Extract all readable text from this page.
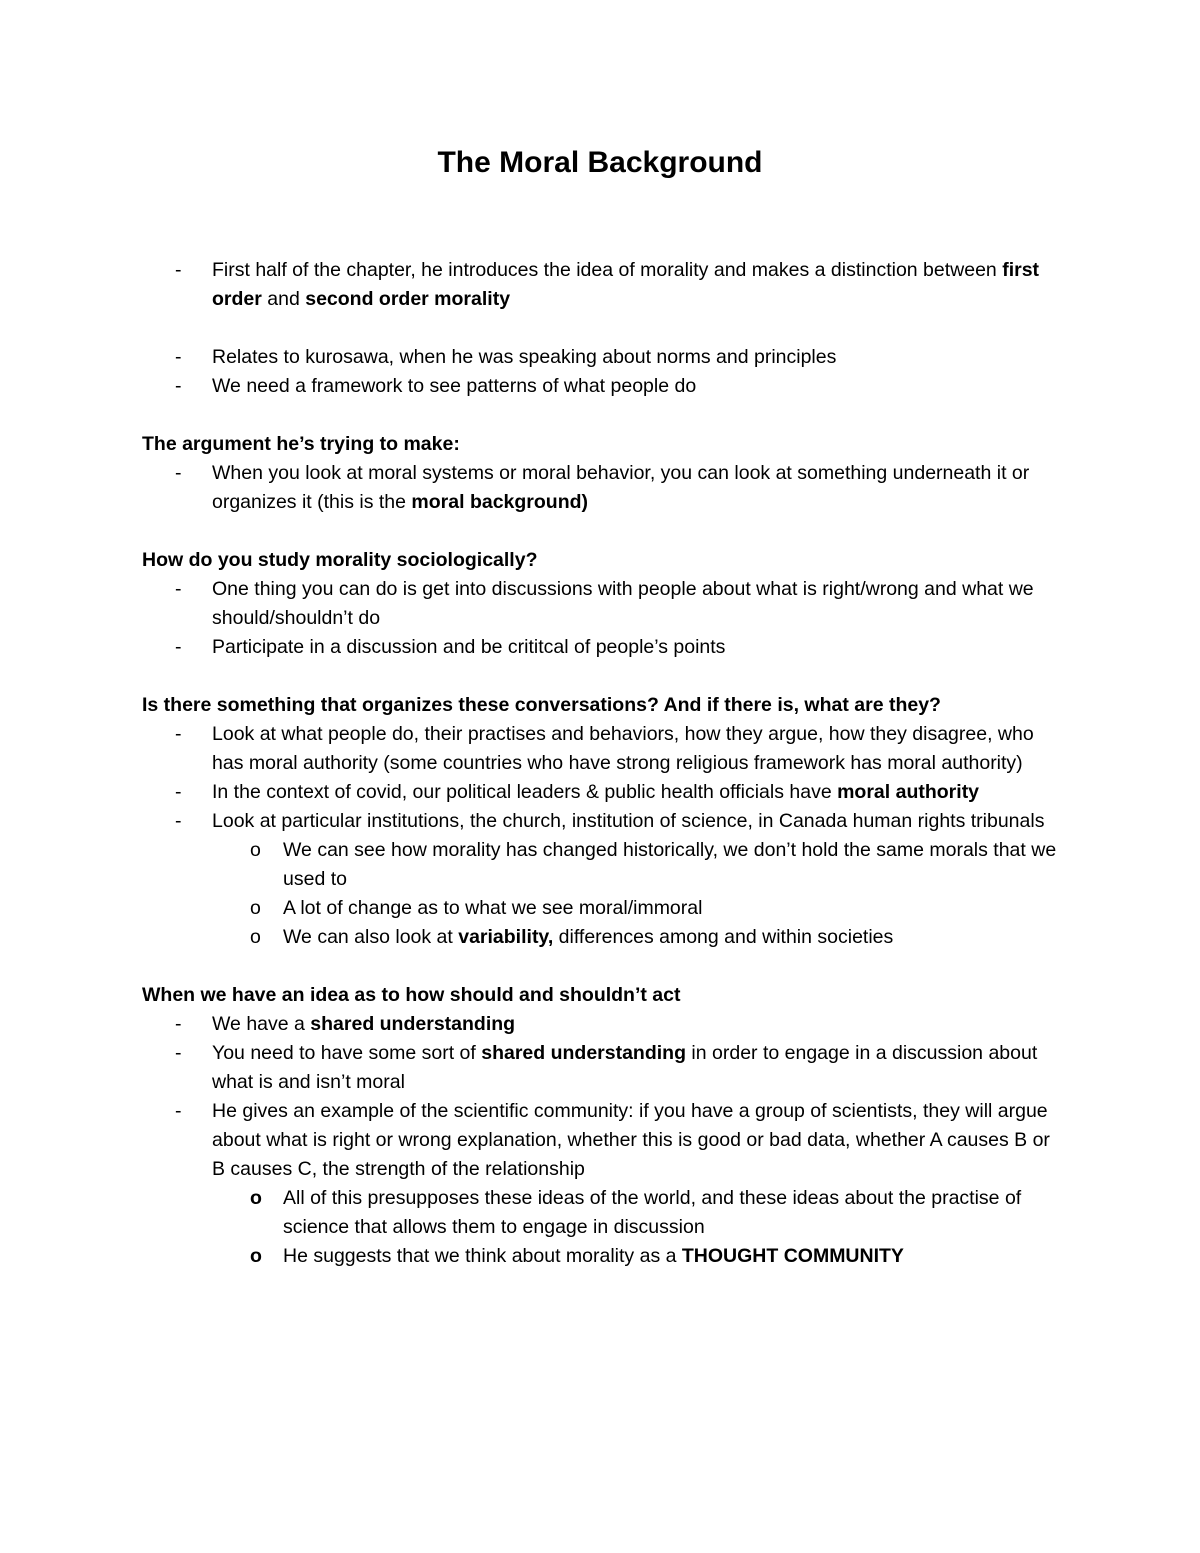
The Moral Background
- First half of the chapter, he introduces the idea of morality and makes a distinction between first order and second order morality
- Relates to kurosawa, when he was speaking about norms and principles
- We need a framework to see patterns of what people do

The argument he’s trying to make:

- When you look at moral systems or moral behavior, you can look at something underneath it or organizes it (this is the moral background)

How do you study morality sociologically?

- One thing you can do is get into discussions with people about what is right/wrong and what we should/shouldn’t do
- Participate in a discussion and be crititcal of people’s points

Is there something that organizes these conversations? And if there is, what are they?

- Look at what people do, their practises and behaviors, how they argue, how they disagree, who has moral authority (some countries who have strong religious framework has moral authority)
- In the context of covid, our political leaders & public health officials have moral authority
- Look at particular institutions, the church, institution of science, in Canada human rights tribunals
o We can see how morality has changed historically, we don’t hold the same morals that we used to
o A lot of change as to what we see moral/immoral
o We can also look at variability, differences among and within societies

When we have an idea as to how should and shouldn’t act

- We have a shared understanding
- You need to have some sort of shared understanding in order to engage in a discussion about what is and isn’t moral
- He gives an example of the scientific community: if you have a group of scientists, they will argue about what is right or wrong explanation, whether this is good or bad data, whether A causes B or B causes C, the strength of the relationship
o All of this presupposes these ideas of the world, and these ideas about the practise of science that allows them to engage in discussion
o He suggests that we think about morality as a THOUGHT COMMUNITY
